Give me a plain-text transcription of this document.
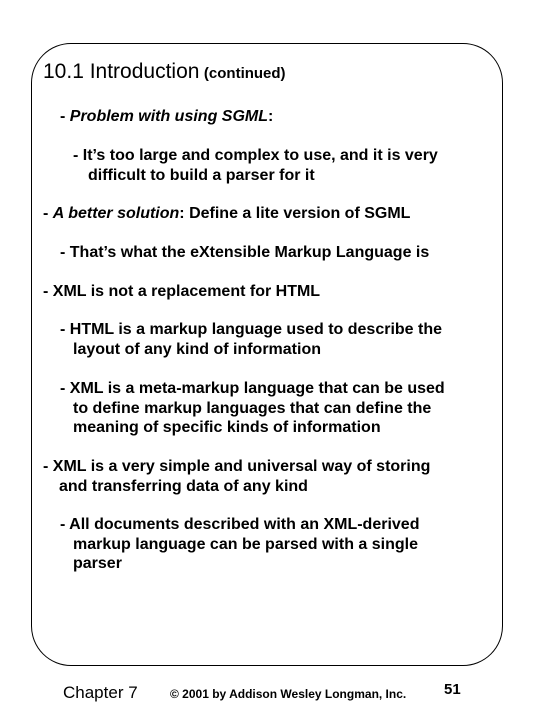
10.1 Introduction (continued)
- Problem with using SGML:
- It’s too large and complex to use, and it is very
difficult to build a parser for it
- A better solution: Define a lite version of SGML
- That’s what the eXtensible Markup Language is
- XML is not a replacement for HTML
- HTML is a markup language used to describe the
layout of any kind of information
- XML is a meta-markup language that can be used
to define markup languages that can define the
meaning of specific kinds of information
- XML is a very simple and universal way of storing
and transferring data of any kind
- All documents described with an XML-derived
markup language can be parsed with a single
parser
Chapter 7	© 2001 by Addison Wesley Longman, Inc.	51
